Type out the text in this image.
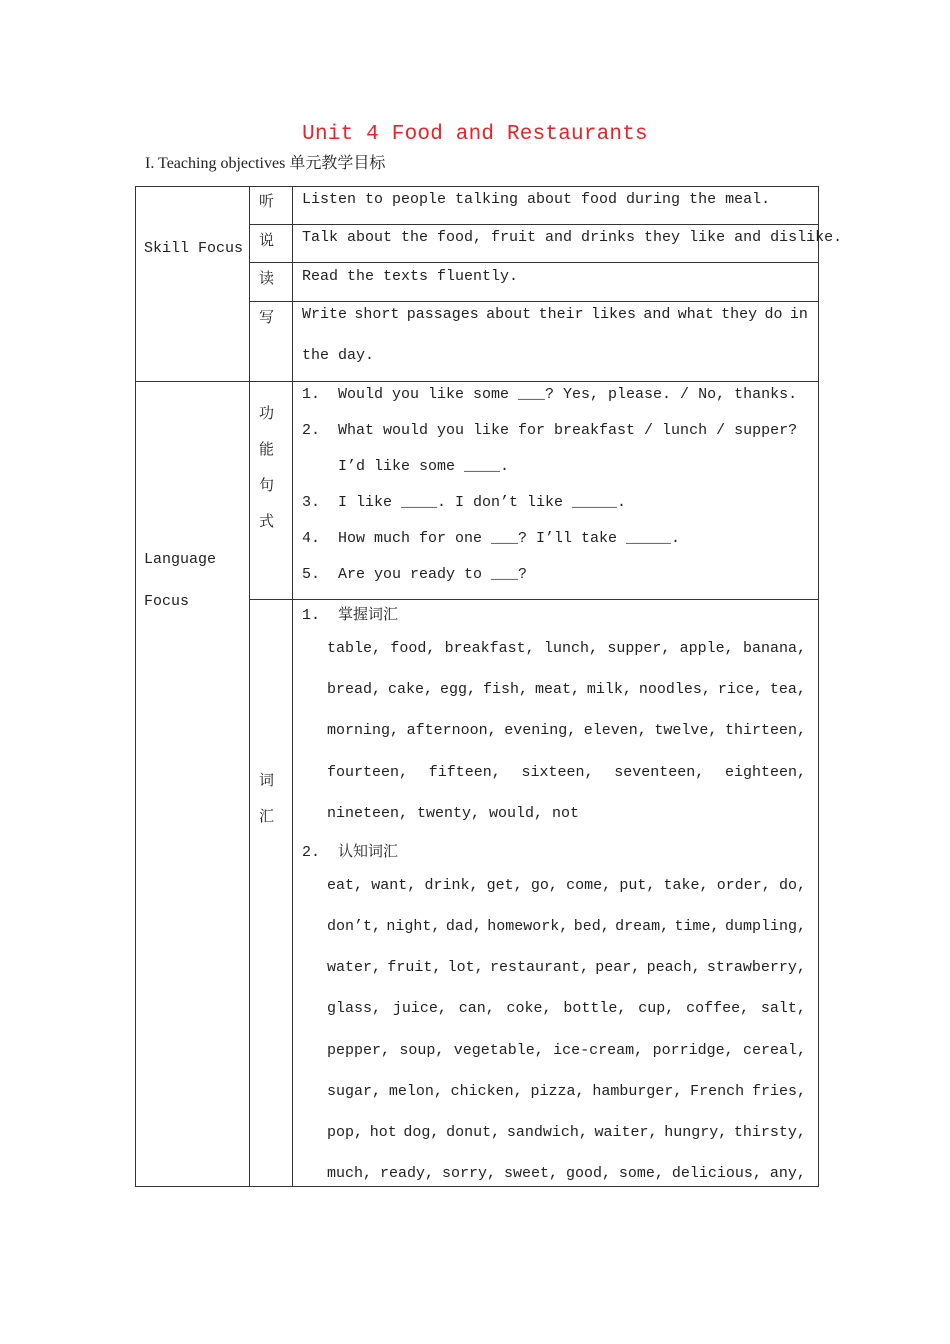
Unit 4 Food and Restaurants
I. Teaching objectives 单元教学目标
Skill Focus
听 Listen to people talking about food during the meal.
说 Talk about the food, fruit and drinks they like and dislike.
读 Read the texts fluently.
写 Write short passages about their likes and what they do in
the day.
Language
Focus
功
能
句
式
1.  Would you like some ___? Yes, please. / No, thanks.
2.  What would you like for breakfast / lunch / supper?
I’d like some ____.
3.  I like ____. I don’t like _____.
4.  How much for one ___? I’ll take _____.
5.  Are you ready to ___?
词
汇
1.  掌握词汇
table, food, breakfast, lunch, supper, apple, banana,
bread, cake, egg, fish, meat, milk, noodles, rice, tea,
morning, afternoon, evening, eleven, twelve, thirteen,
fourteen, fifteen, sixteen, seventeen, eighteen,
nineteen, twenty, would, not
2.  认知词汇
eat, want, drink, get, go, come, put, take, order, do,
don’t, night, dad, homework, bed, dream, time, dumpling,
water, fruit, lot, restaurant, pear, peach, strawberry,
glass, juice, can, coke, bottle, cup, coffee, salt,
pepper, soup, vegetable, ice-cream, porridge, cereal,
sugar, melon, chicken, pizza, hamburger, French fries,
pop, hot dog, donut, sandwich, waiter, hungry, thirsty,
much, ready, sorry, sweet, good, some, delicious, any,
